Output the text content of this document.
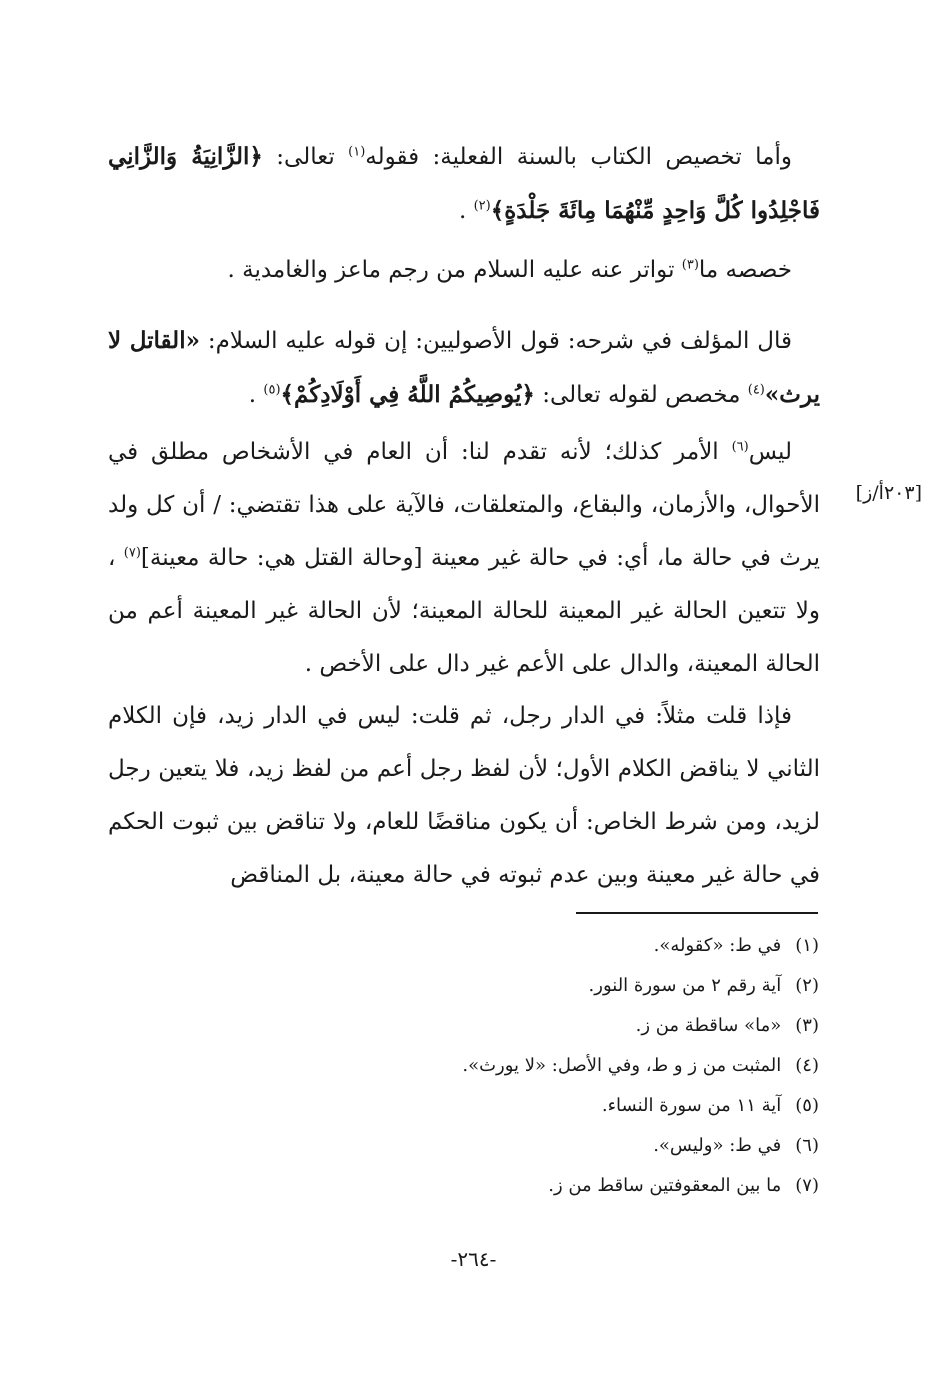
وأما تخصيص الكتاب بالسنة الفعلية: فقوله$^{(١)}$ تعالى: ﴿الزَّانِيَةُ وَالزَّانِي فَاجْلِدُوا كُلَّ وَاحِدٍ مِّنْهُمَا مِائَةَ جَلْدَةٍ﴾$^{(٢)}$ .

خصصه ما$^{(٣)}$ تواتر عنه عليه السلام من رجم ماعز والغامدية .

قال المؤلف في شرحه: قول الأصوليين: إن قوله عليه السلام: «القاتل لا يرث»$^{(٤)}$ مخصص لقوله تعالى: ﴿يُوصِيكُمُ اللَّهُ فِي أَوْلَادِكُمْ﴾$^{(٥)}$ .

ليس$^{(٦)}$ الأمر كذلك؛ لأنه تقدم لنا: أن العام في الأشخاص مطلق في الأحوال، والأزمان، والبقاع، والمتعلقات، فالآية على هذا تقتضي: / أن كل ولد يرث في حالة ما، أي: في حالة غير معينة [وحالة القتل هي: حالة معينة]$^{(٧)}$ ، ولا تتعين الحالة غير المعينة للحالة المعينة؛ لأن الحالة غير المعينة أعم من الحالة المعينة، والدال على الأعم غير دال على الأخص .

[٢٠٣أ/ز]

فإذا قلت مثلاً: في الدار رجل، ثم قلت: ليس في الدار زيد، فإن الكلام الثاني لا يناقض الكلام الأول؛ لأن لفظ رجل أعم من لفظ زيد، فلا يتعين رجل لزيد، ومن شرط الخاص: أن يكون مناقضًا للعام، ولا تناقض بين ثبوت الحكم في حالة غير معينة وبين عدم ثبوته في حالة معينة، بل المناقض

(١) في ط: «كقوله».
(٢) آية رقم ٢ من سورة النور.
(٣) «ما» ساقطة من ز.
(٤) المثبت من ز و ط، وفي الأصل: «لا يورث».
(٥) آية ١١ من سورة النساء.
(٦) في ط: «وليس».
(٧) ما بين المعقوفتين ساقط من ز.
-٢٦٤-
